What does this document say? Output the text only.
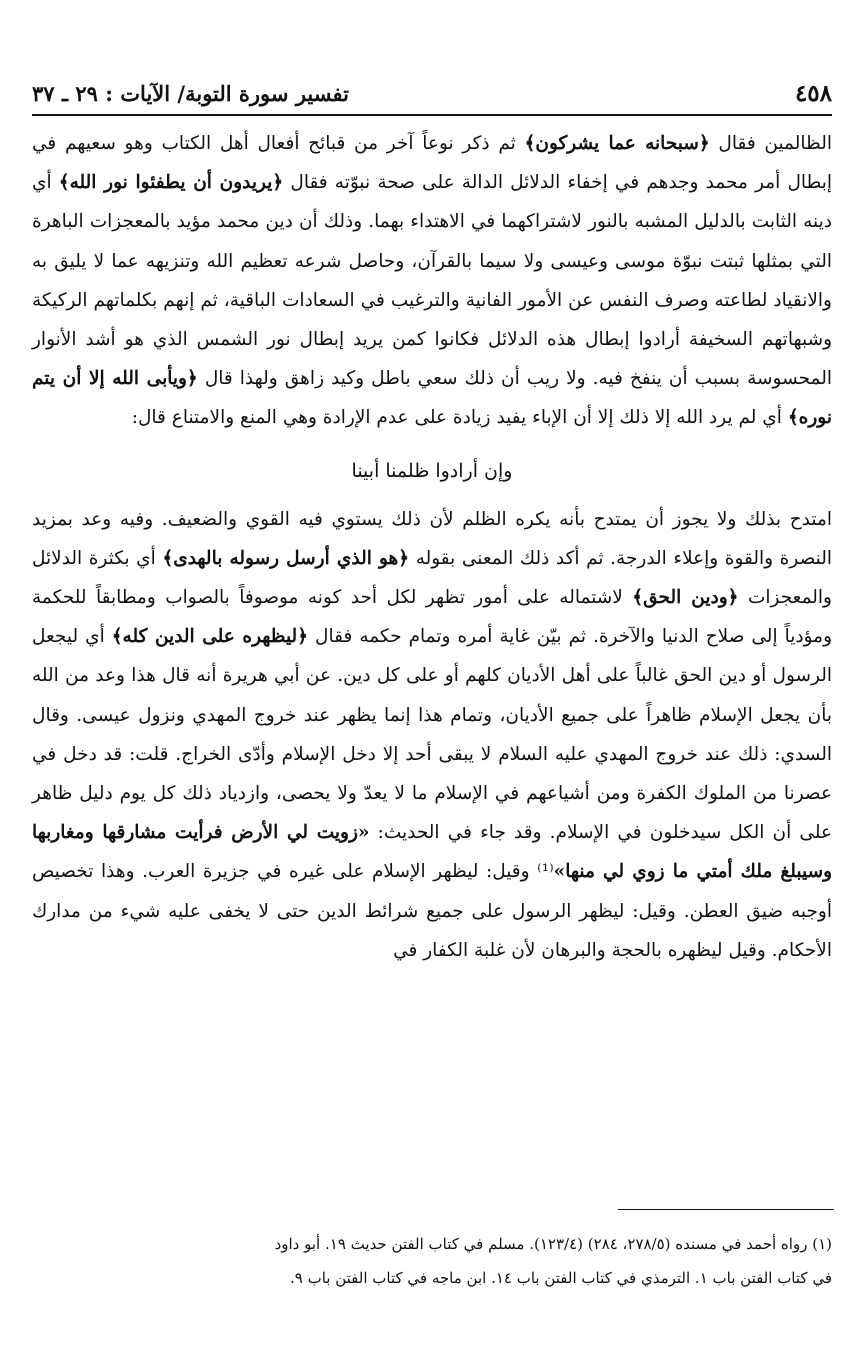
٤٥٨
تفسير سورة التوبة/ الآيات : ٢٩ ـ ٣٧

الظالمين فقال ﴿سبحانه عما يشركون﴾ ثم ذكر نوعاً آخر من قبائح أفعال أهل الكتاب وهو سعيهم في إبطال أمر محمد وجدهم في إخفاء الدلائل الدالة على صحة نبوّته فقال ﴿يريدون أن يطفئوا نور الله﴾ أي دينه الثابت بالدليل المشبه بالنور لاشتراكهما في الاهتداء بهما. وذلك أن دين محمد مؤيد بالمعجزات الباهرة التي بمثلها ثبتت نبوّة موسى وعيسى ولا سيما بالقرآن، وحاصل شرعه تعظيم الله وتنزيهه عما لا يليق به والانقياد لطاعته وصرف النفس عن الأمور الفانية والترغيب في السعادات الباقية، ثم إنهم بكلماتهم الركيكة وشبهاتهم السخيفة أرادوا إبطال هذه الدلائل فكانوا كمن يريد إبطال نور الشمس الذي هو أشد الأنوار المحسوسة بسبب أن ينفخ فيه. ولا ريب أن ذلك سعي باطل وكيد زاهق ولهذا قال ﴿ويأبى الله إلا أن يتم نوره﴾ أي لم يرد الله إلا ذلك إلا أن الإباء يفيد زيادة على عدم الإرادة وهي المنع والامتناع قال:

وإن أرادوا ظلمنا أبينا

امتدح بذلك ولا يجوز أن يمتدح بأنه يكره الظلم لأن ذلك يستوي فيه القوي والضعيف. وفيه وعد بمزيد النصرة والقوة وإعلاء الدرجة. ثم أكد ذلك المعنى بقوله ﴿هو الذي أرسل رسوله بالهدى﴾ أي بكثرة الدلائل والمعجزات ﴿ودين الحق﴾ لاشتماله على أمور تظهر لكل أحد كونه موصوفاً بالصواب ومطابقاً للحكمة ومؤدياً إلى صلاح الدنيا والآخرة. ثم بيّن غاية أمره وتمام حكمه فقال ﴿ليظهره على الدين كله﴾ أي ليجعل الرسول أو دين الحق غالباً على أهل الأديان كلهم أو على كل دين. عن أبي هريرة أنه قال هذا وعد من الله بأن يجعل الإسلام ظاهراً على جميع الأديان، وتمام هذا إنما يظهر عند خروج المهدي ونزول عيسى. وقال السدي: ذلك عند خروج المهدي عليه السلام لا يبقى أحد إلا دخل الإسلام وأدّى الخراج. قلت: قد دخل في عصرنا من الملوك الكفرة ومن أشياعهم في الإسلام ما لا يعدّ ولا يحصى، وازدياد ذلك كل يوم دليل ظاهر على أن الكل سيدخلون في الإسلام. وقد جاء في الحديث: «زويت لي الأرض فرأيت مشارقها ومغاربها وسيبلغ ملك أمتي ما زوي لي منها»⁽¹⁾ وقيل: ليظهر الإسلام على غيره في جزيرة العرب. وهذا تخصيص أوجبه ضيق العطن. وقيل: ليظهر الرسول على جميع شرائط الدين حتى لا يخفى عليه شيء من مدارك الأحكام. وقيل ليظهره بالحجة والبرهان لأن غلبة الكفار في

(١) رواه أحمد في مسنده (٢٧٨/٥، ٢٨٤) (١٢٣/٤). مسلم في كتاب الفتن حديث ١٩. أبو داود

في كتاب الفتن باب ١. الترمذي في كتاب الفتن باب ١٤. ابن ماجه في كتاب الفتن باب ٩.
